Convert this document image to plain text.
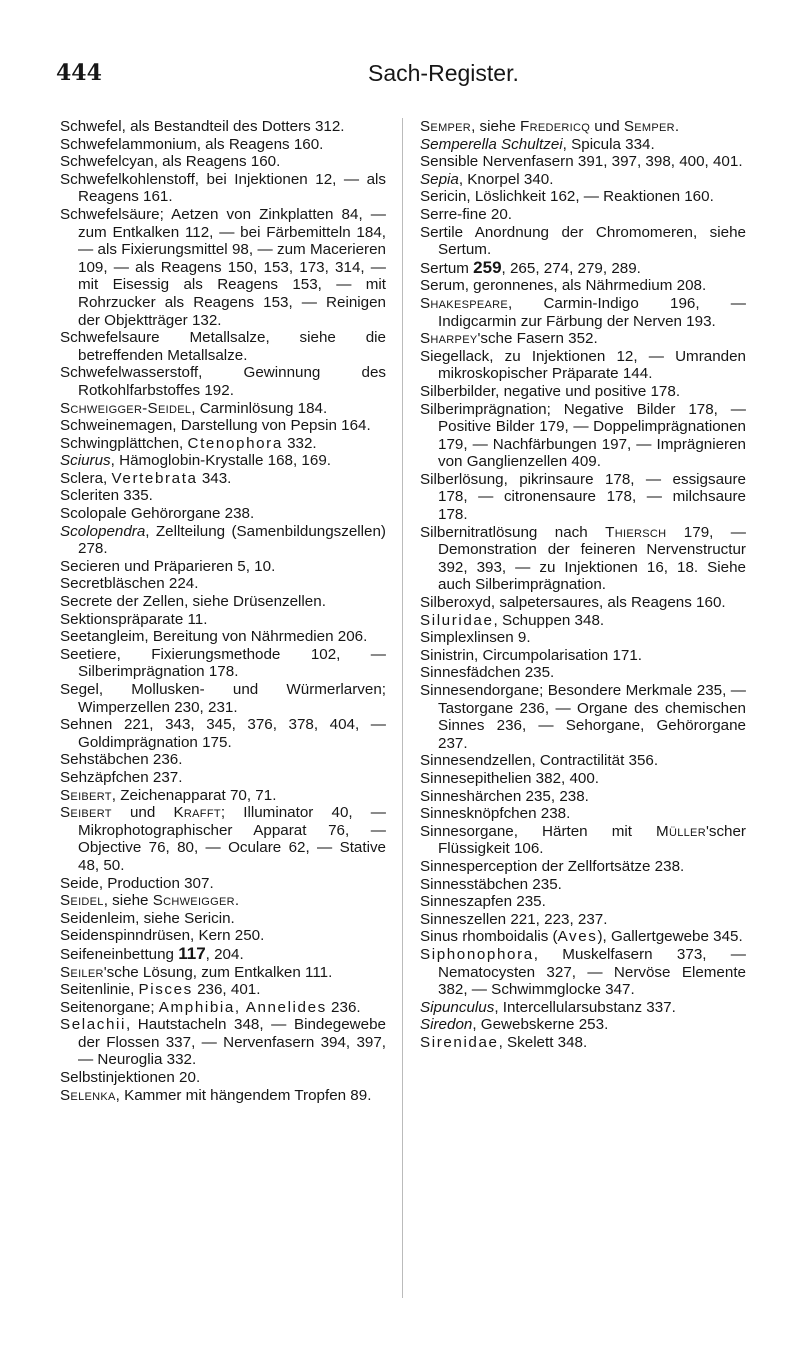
444	Sach-Register.

Schwefel, als Bestandteil des Dotters 312.

Schwefelammonium, als Reagens 160.

Schwefelcyan, als Reagens 160.

Schwefelkohlenstoff, bei Injektionen 12, — als Reagens 161.

Schwefelsäure; Aetzen von Zinkplatten 84, — zum Entkalken 112, — bei Färbemitteln 184, — als Fixierungsmittel 98, — zum Macerieren 109, — als Reagens 150, 153, 173, 314, — mit Eisessig als Reagens 153, — mit Rohrzucker als Reagens 153, — Reinigen der Objektträger 132.

Schwefelsaure Metallsalze, siehe die betreffenden Metallsalze.

Schwefelwasserstoff, Gewinnung des Rotkohlfarbstoffes 192.

Schweigger-Seidel, Carminlösung 184.

Schweinemagen, Darstellung von Pepsin 164.

Schwingplättchen, Ctenophora 332.

Sciurus, Hämoglobin-Krystalle 168, 169.

Sclera, Vertebrata 343.

Scleriten 335.

Scolopale Gehörorgane 238.

Scolopendra, Zellteilung (Samenbildungszellen) 278.

Secieren und Präparieren 5, 10.

Secretbläschen 224.

Secrete der Zellen, siehe Drüsenzellen.

Sektionspräparate 11.

Seetangleim, Bereitung von Nährmedien 206.

Seetiere, Fixierungsmethode 102, — Silberimprägnation 178.

Segel, Mollusken- und Würmerlarven; Wimperzellen 230, 231.

Sehnen 221, 343, 345, 376, 378, 404, — Goldimprägnation 175.

Sehstäbchen 236.

Sehzäpfchen 237.

Seibert, Zeichenapparat 70, 71.

Seibert und Krafft; Illuminator 40, — Mikrophotographischer Apparat 76, — Objective 76, 80, — Oculare 62, — Stative 48, 50.

Seide, Production 307.

Seidel, siehe Schweigger.

Seidenleim, siehe Sericin.

Seidenspinndrüsen, Kern 250.

Seifeneinbettung 117, 204.

Seiler'sche Lösung, zum Entkalken 111.

Seitenlinie, Pisces 236, 401.

Seitenorgane; Amphibia, Annelides 236.

Selachii, Hautstacheln 348, — Bindegewebe der Flossen 337, — Nervenfasern 394, 397, — Neuroglia 332.

Selbstinjektionen 20.

Selenka, Kammer mit hängendem Tropfen 89.

Semper, siehe Fredericq und Semper.

Semperella Schultzei, Spicula 334.

Sensible Nervenfasern 391, 397, 398, 400, 401.

Sepia, Knorpel 340.

Sericin, Löslichkeit 162, — Reaktionen 160.

Serre-fine 20.

Sertile Anordnung der Chromomeren, siehe Sertum.

Sertum 259, 265, 274, 279, 289.

Serum, geronnenes, als Nährmedium 208.

Shakespeare, Carmin-Indigo 196, — Indigcarmin zur Färbung der Nerven 193.

Sharpey'sche Fasern 352.

Siegellack, zu Injektionen 12, — Umranden mikroskopischer Präparate 144.

Silberbilder, negative und positive 178.

Silberimprägnation; Negative Bilder 178, — Positive Bilder 179, — Doppelimprägnationen 179, — Nachfärbungen 197, — Imprägnieren von Ganglienzellen 409.

Silberlösung, pikrinsaure 178, — essigsaure 178, — citronensaure 178, — milchsaure 178.

Silbernitratlösung nach Thiersch 179, — Demonstration der feineren Nervenstructur 392, 393, — zu Injektionen 16, 18. Siehe auch Silberimprägnation.

Silberoxyd, salpetersaures, als Reagens 160.

Siluridae, Schuppen 348.

Simplexlinsen 9.

Sinistrin, Circumpolarisation 171.

Sinnesfädchen 235.

Sinnesendorgane; Besondere Merkmale 235, — Tastorgane 236, — Organe des chemischen Sinnes 236, — Sehorgane, Gehörorgane 237.

Sinnesendzellen, Contractilität 356.

Sinnesepithelien 382, 400.

Sinneshärchen 235, 238.

Sinnesknöpfchen 238.

Sinnesorgane, Härten mit Müller'scher Flüssigkeit 106.

Sinnesperception der Zellfortsätze 238.

Sinnesstäbchen 235.

Sinneszapfen 235.

Sinneszellen 221, 223, 237.

Sinus rhomboidalis (Aves), Gallertgewebe 345.

Siphonophora, Muskelfasern 373, — Nematocysten 327, — Nervöse Elemente 382, — Schwimmglocke 347.

Sipunculus, Intercellularsubstanz 337.

Siredon, Gewebskerne 253.

Sirenidae, Skelett 348.
